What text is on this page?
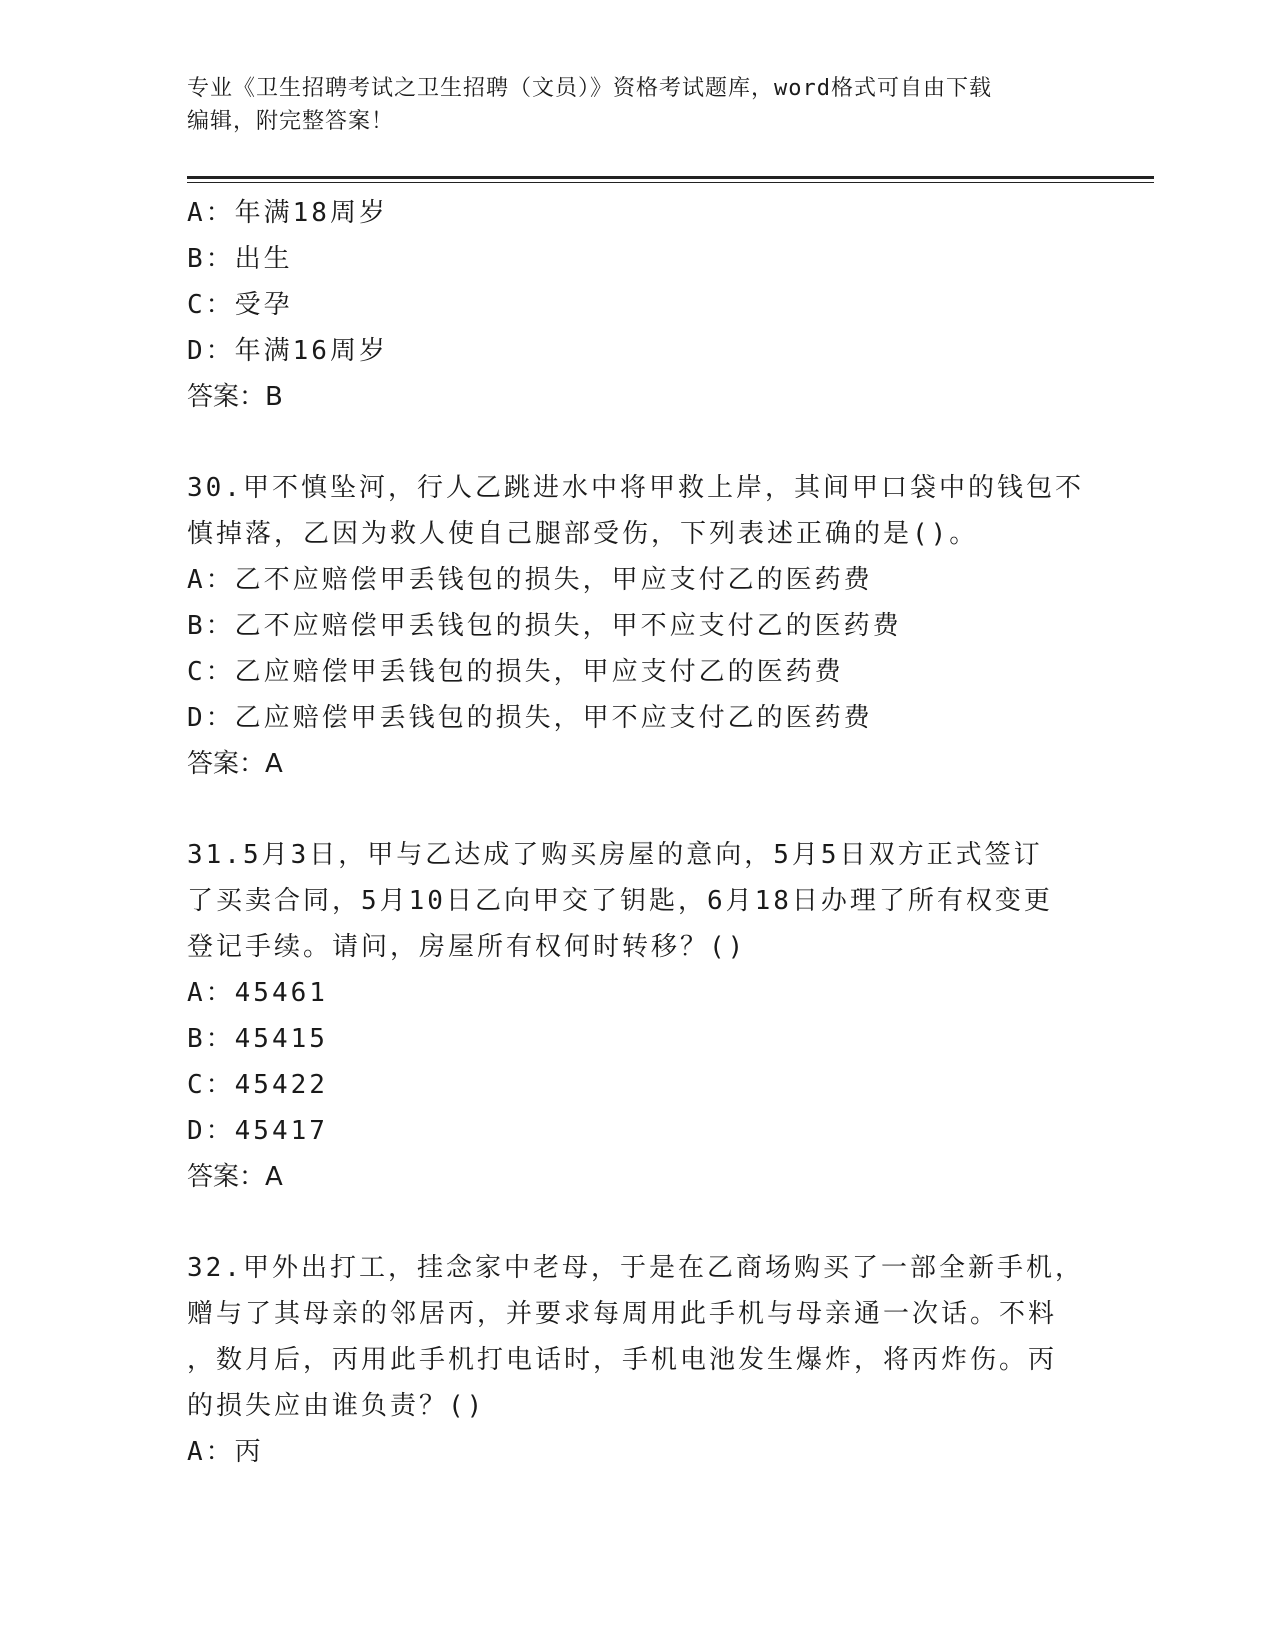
专业《卫生招聘考试之卫生招聘（文员）》资格考试题库，word格式可自由下载
编辑，附完整答案！
A：年满18周岁
B：出生
C：受孕
D：年满16周岁
答案：B
30.甲不慎坠河，行人乙跳进水中将甲救上岸，其间甲口袋中的钱包不
慎掉落，乙因为救人使自己腿部受伤，下列表述正确的是()。
A：乙不应赔偿甲丢钱包的损失，甲应支付乙的医药费
B：乙不应赔偿甲丢钱包的损失，甲不应支付乙的医药费
C：乙应赔偿甲丢钱包的损失，甲应支付乙的医药费
D：乙应赔偿甲丢钱包的损失，甲不应支付乙的医药费
答案：A
31.5月3日，甲与乙达成了购买房屋的意向，5月5日双方正式签订
了买卖合同，5月10日乙向甲交了钥匙，6月18日办理了所有权变更
登记手续。请问，房屋所有权何时转移？()
A：45461
B：45415
C：45422
D：45417
答案：A
32.甲外出打工，挂念家中老母，于是在乙商场购买了一部全新手机，
赠与了其母亲的邻居丙，并要求每周用此手机与母亲通一次话。不料
，数月后，丙用此手机打电话时，手机电池发生爆炸，将丙炸伤。丙
的损失应由谁负责？()
A：丙
